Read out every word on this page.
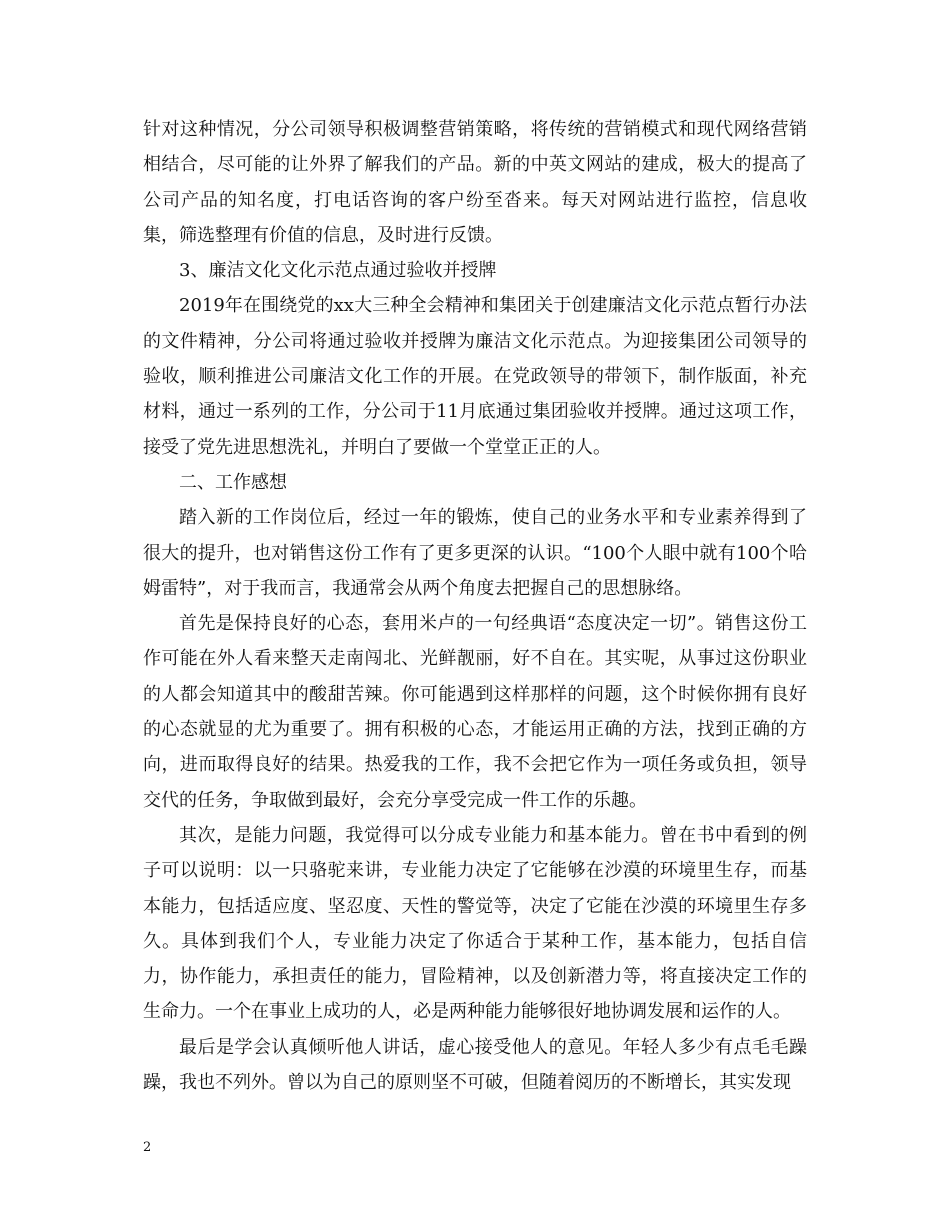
针对这种情况，分公司领导积极调整营销策略，将传统的营销模式和现代网络营销相结合，尽可能的让外界了解我们的产品。新的中英文网站的建成，极大的提高了公司产品的知名度，打电话咨询的客户纷至沓来。每天对网站进行监控，信息收集，筛选整理有价值的信息，及时进行反馈。

3、廉洁文化文化示范点通过验收并授牌

2019年在围绕党的xx大三种全会精神和集团关于创建廉洁文化示范点暂行办法的文件精神，分公司将通过验收并授牌为廉洁文化示范点。为迎接集团公司领导的验收，顺利推进公司廉洁文化工作的开展。在党政领导的带领下，制作版面，补充材料，通过一系列的工作，分公司于11月底通过集团验收并授牌。通过这项工作，接受了党先进思想洗礼，并明白了要做一个堂堂正正的人。

二、工作感想

踏入新的工作岗位后，经过一年的锻炼，使自己的业务水平和专业素养得到了很大的提升，也对销售这份工作有了更多更深的认识。“100个人眼中就有100个哈姆雷特”，对于我而言，我通常会从两个角度去把握自己的思想脉络。

首先是保持良好的心态，套用米卢的一句经典语“态度决定一切”。销售这份工作可能在外人看来整天走南闯北、光鲜靓丽，好不自在。其实呢，从事过这份职业的人都会知道其中的酸甜苦辣。你可能遇到这样那样的问题，这个时候你拥有良好的心态就显的尤为重要了。拥有积极的心态，才能运用正确的方法，找到正确的方向，进而取得良好的结果。热爱我的工作，我不会把它作为一项任务或负担，领导交代的任务，争取做到最好，会充分享受完成一件工作的乐趣。

其次，是能力问题，我觉得可以分成专业能力和基本能力。曾在书中看到的例子可以说明：以一只骆驼来讲，专业能力决定了它能够在沙漠的环境里生存，而基本能力，包括适应度、坚忍度、天性的警觉等，决定了它能在沙漠的环境里生存多久。具体到我们个人，专业能力决定了你适合于某种工作，基本能力，包括自信力，协作能力，承担责任的能力，冒险精神，以及创新潜力等，将直接决定工作的生命力。一个在事业上成功的人，必是两种能力能够很好地协调发展和运作的人。

最后是学会认真倾听他人讲话，虚心接受他人的意见。年轻人多少有点毛毛躁躁，我也不列外。曾以为自己的原则坚不可破，但随着阅历的不断增长，其实发现

2
